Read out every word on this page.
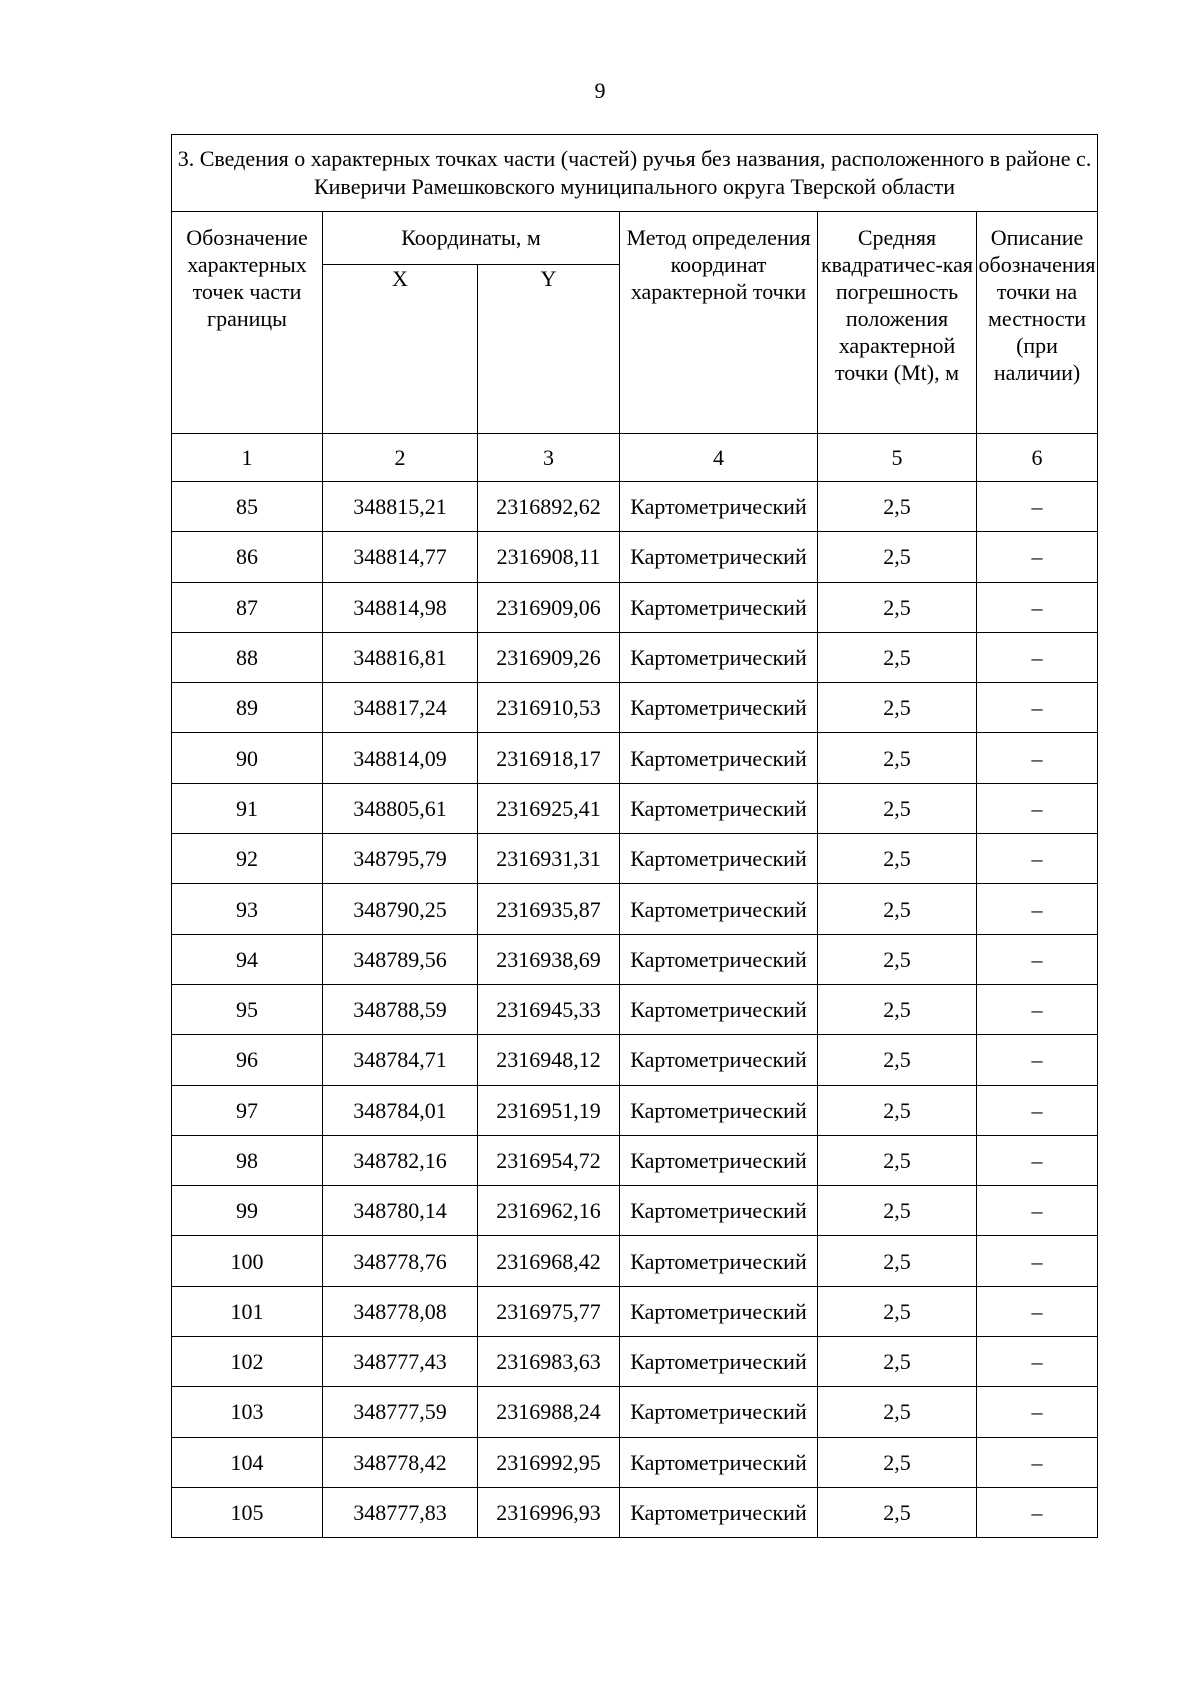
9
3. Сведения о характерных точках части (частей) ручья без названия, расположенного в районе с. Киверичи Рамешковского муниципального округа Тверской области					
Обозначение характерных точек части границы	Координаты, м		Метод определения координат характерной точки	Средняя квадратичес-кая погрешность положения характерной точки (Mt), м	Описание обозначения точки на местности (при наличии)
	X	Y			
1	2	3	4	5	6
85	348815,21	2316892,62	Картометрический	2,5	–
86	348814,77	2316908,11	Картометрический	2,5	–
87	348814,98	2316909,06	Картометрический	2,5	–
88	348816,81	2316909,26	Картометрический	2,5	–
89	348817,24	2316910,53	Картометрический	2,5	–
90	348814,09	2316918,17	Картометрический	2,5	–
91	348805,61	2316925,41	Картометрический	2,5	–
92	348795,79	2316931,31	Картометрический	2,5	–
93	348790,25	2316935,87	Картометрический	2,5	–
94	348789,56	2316938,69	Картометрический	2,5	–
95	348788,59	2316945,33	Картометрический	2,5	–
96	348784,71	2316948,12	Картометрический	2,5	–
97	348784,01	2316951,19	Картометрический	2,5	–
98	348782,16	2316954,72	Картометрический	2,5	–
99	348780,14	2316962,16	Картометрический	2,5	–
100	348778,76	2316968,42	Картометрический	2,5	–
101	348778,08	2316975,77	Картометрический	2,5	–
102	348777,43	2316983,63	Картометрический	2,5	–
103	348777,59	2316988,24	Картометрический	2,5	–
104	348778,42	2316992,95	Картометрический	2,5	–
105	348777,83	2316996,93	Картометрический	2,5	–
